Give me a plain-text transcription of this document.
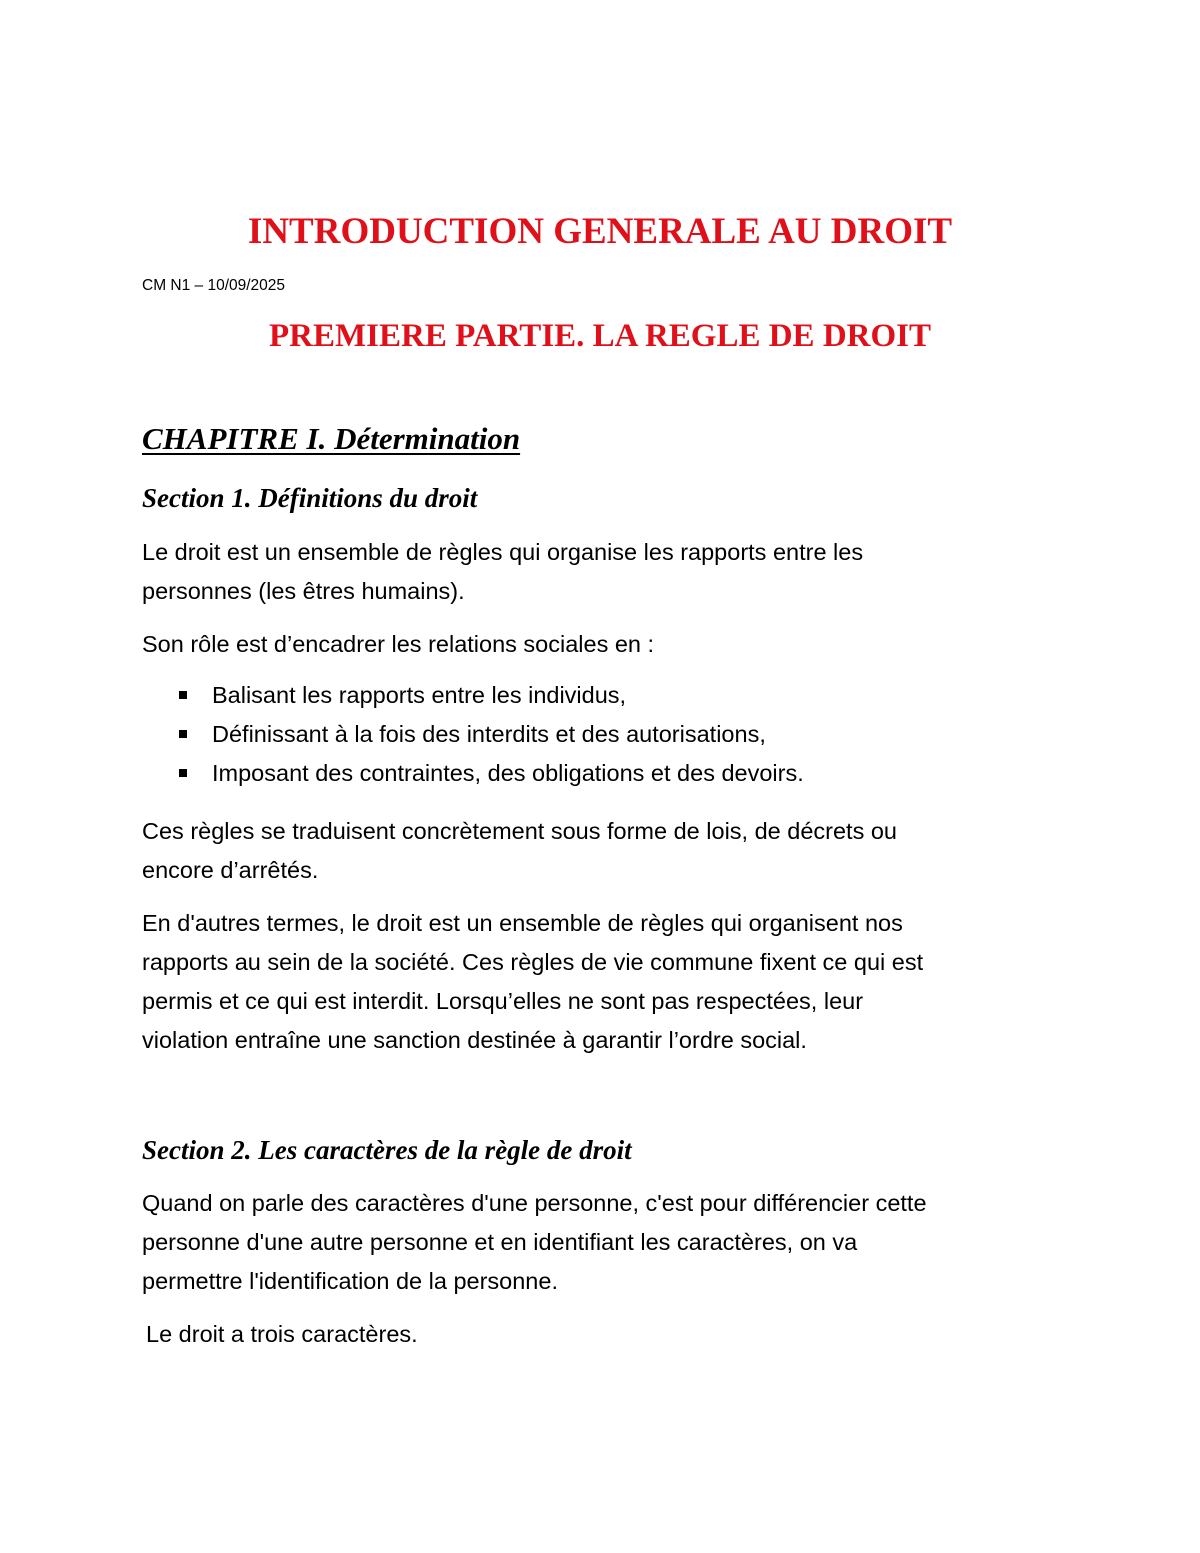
INTRODUCTION GENERALE AU DROIT

CM N1 – 10/09/2025

PREMIERE PARTIE. LA REGLE DE DROIT
CHAPITRE I. Détermination
Section 1. Définitions du droit

Le droit est un ensemble de règles qui organise les rapports entre les
personnes (les êtres humains).

Son rôle est d’encadrer les relations sociales en :

Balisant les rapports entre les individus,
Définissant à la fois des interdits et des autorisations,
Imposant des contraintes, des obligations et des devoirs.

Ces règles se traduisent concrètement sous forme de lois, de décrets ou
encore d’arrêtés.

En d'autres termes, le droit est un ensemble de règles qui organisent nos
rapports au sein de la société. Ces règles de vie commune fixent ce qui est
permis et ce qui est interdit. Lorsqu’elles ne sont pas respectées, leur
violation entraîne une sanction destinée à garantir l’ordre social.

Section 2. Les caractères de la règle de droit

Quand on parle des caractères d'une personne, c'est pour différencier cette
personne d'une autre personne et en identifiant les caractères, on va
permettre l'identification de la personne.

Le droit a trois caractères.
